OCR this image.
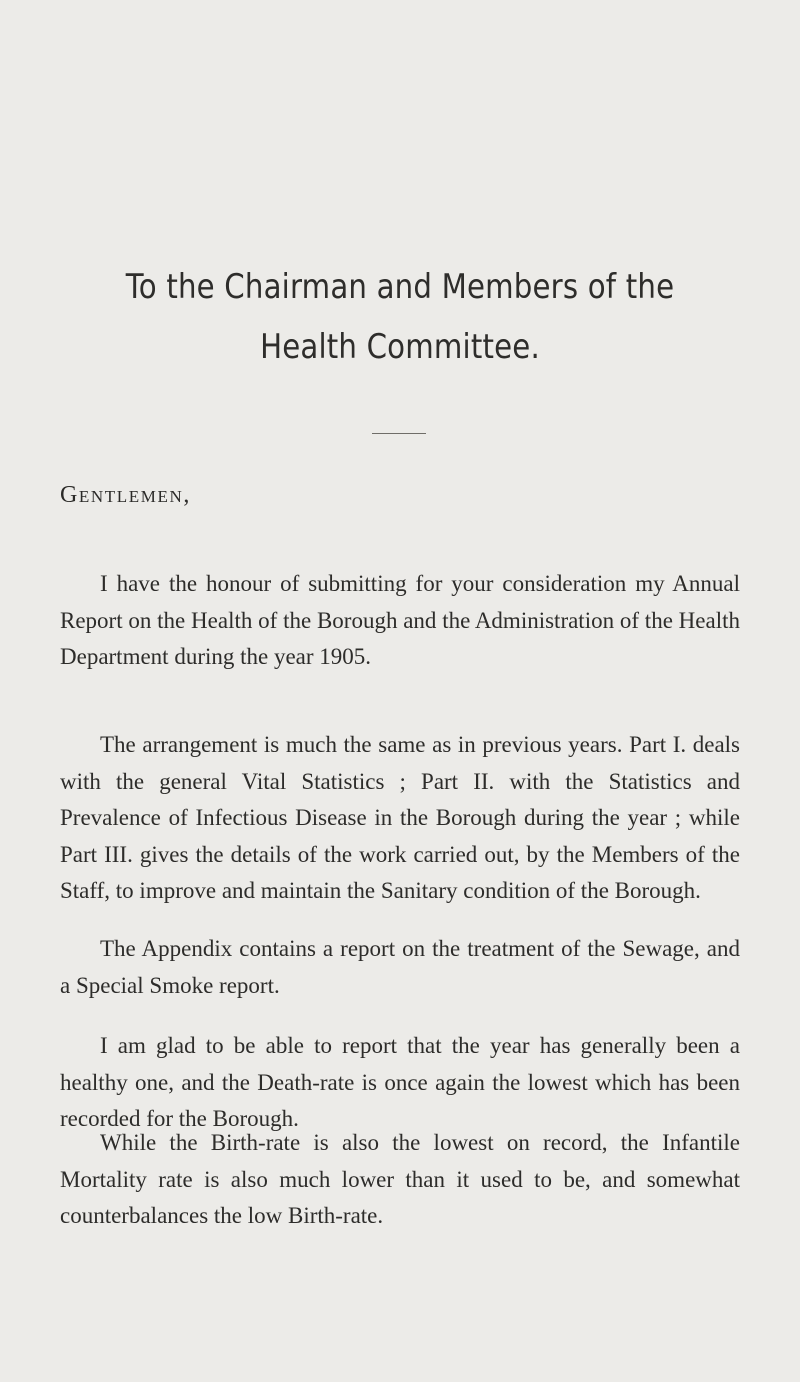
To the Chairman and Members of the
Health Committee.

Gentlemen,

I have the honour of submitting for your consideration my Annual Report on the Health of the Borough and the Administration of the Health Department during the year 1905.

The arrangement is much the same as in previous years. Part I. deals with the general Vital Statistics ; Part II. with the Statistics and Prevalence of Infectious Disease in the Borough during the year ; while Part III. gives the details of the work carried out, by the Members of the Staff, to improve and maintain the Sanitary condition of the Borough.

The Appendix contains a report on the treatment of the Sewage, and a Special Smoke report.

I am glad to be able to report that the year has generally been a healthy one, and the Death-rate is once again the lowest which has been recorded for the Borough.

While the Birth-rate is also the lowest on record, the Infantile Mortality rate is also much lower than it used to be, and somewhat counterbalances the low Birth-rate.
